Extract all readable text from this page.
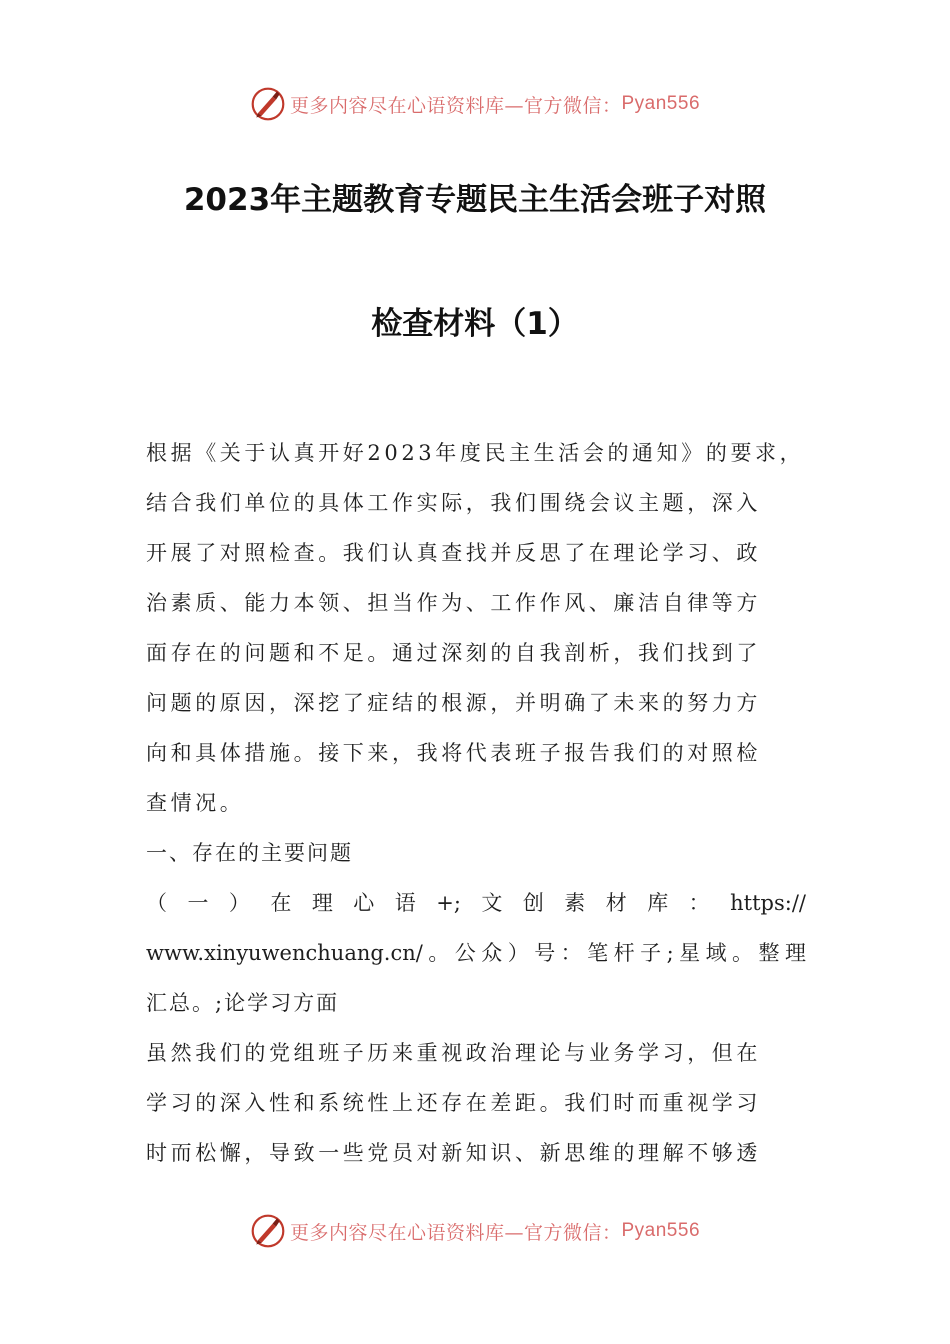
更多内容尽在心语资料库—官方微信： Pyan556
2023年主题教育专题民主生活会班子对照
检查材料（1）
根据《关于认真开好2023年度民主生活会的通知》的要求，
结合我们单位的具体工作实际，我们围绕会议主题，深入
开展了对照检查。我们认真查找并反思了在理论学习、政
治素质、能力本领、担当作为、工作作风、廉洁自律等方
面存在的问题和不足。通过深刻的自我剖析，我们找到了
问题的原因，深挖了症结的根源，并明确了未来的努力方
向和具体措施。接下来，我将代表班子报告我们的对照检
查情况。
一、存在的主要问题
（一）在理心语+;文创素材库：https://
www.xinyuwenchuang.cn/。公众）号：笔杆子;星域。整理
汇总。;论学习方面
虽然我们的党组班子历来重视政治理论与业务学习，但在
学习的深入性和系统性上还存在差距。我们时而重视学习
时而松懈，导致一些党员对新知识、新思维的理解不够透
更多内容尽在心语资料库—官方微信： Pyan556
